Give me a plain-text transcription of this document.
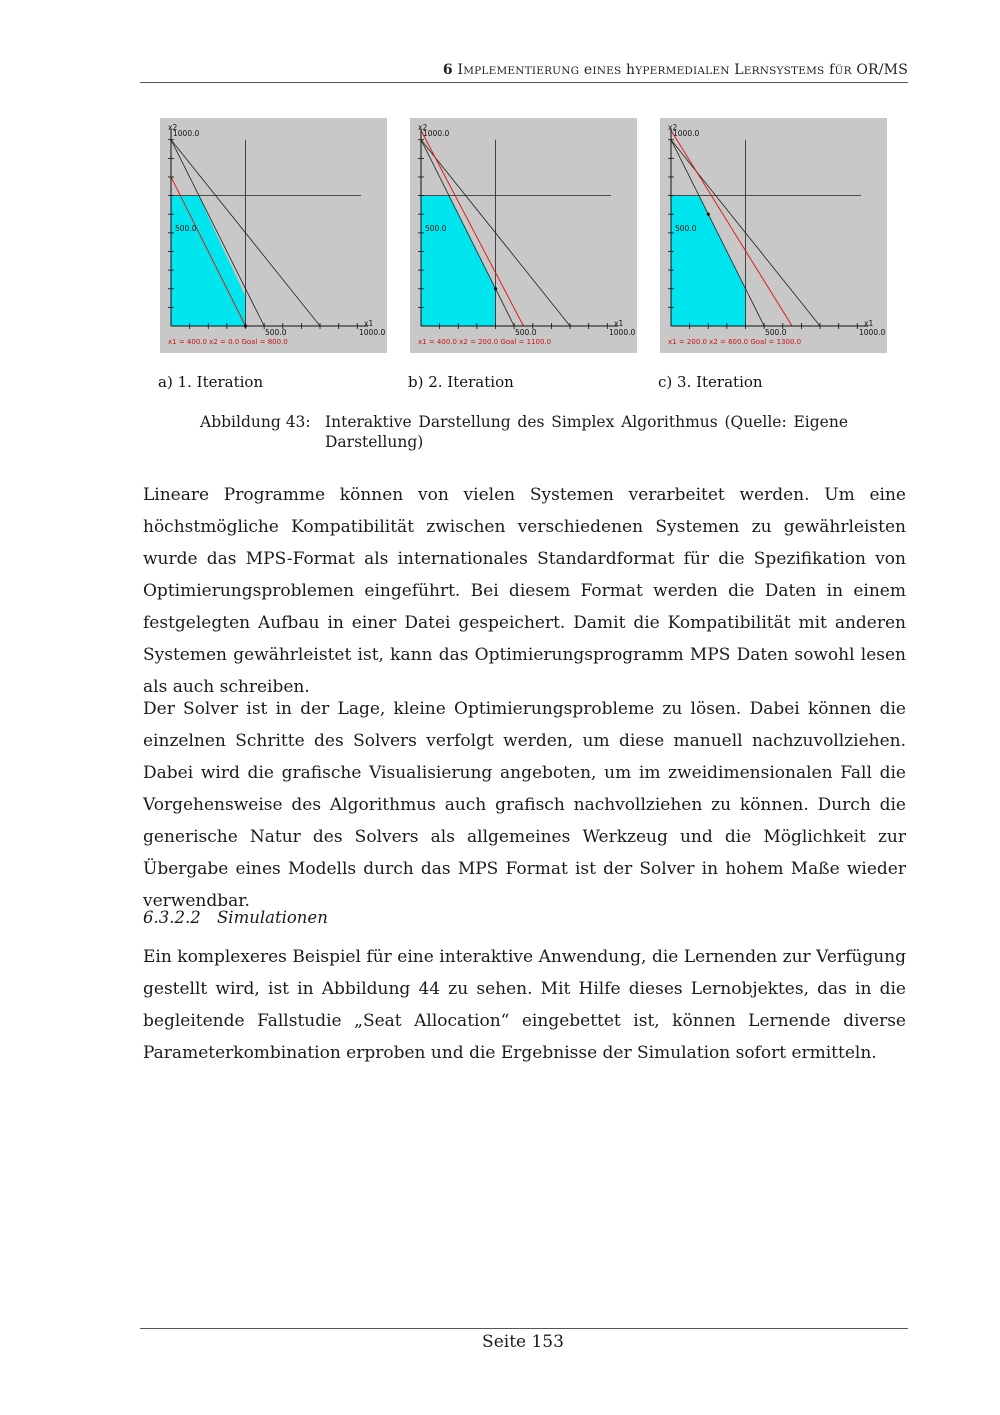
6 IMPLEMENTIERUNG eINES hYPERMEDIALEN LERNSYSTEMS fÜR OR/MS
x2
1000.0
500.0
500.0
x1
1000.0
x1 = 400.0 x2 = 0.0 Goal = 800.0
x2
1000.0
500.0
500.0
x1
1000.0
x1 = 400.0 x2 = 200.0 Goal = 1100.0
x2
1000.0
500.0
500.0
x1
1000.0
x1 = 200.0 x2 = 600.0 Goal = 1300.0
a) 1. Iteration	b) 2. Iteration	c) 3. Iteration
Abbildung 43: Interaktive Darstellung des Simplex Algorithmus (Quelle: Eigene Darstellung)

Lineare Programme können von vielen Systemen verarbeitet werden. Um eine höchstmögliche Kompatibilität zwischen verschiedenen Systemen zu gewährleisten wurde das MPS-Format als internationales Standardformat für die Spezifikation von Optimierungsproblemen eingeführt. Bei diesem Format werden die Daten in einem festgelegten Aufbau in einer Datei gespeichert. Damit die Kompatibilität mit anderen Systemen gewährleistet ist, kann das Optimierungsprogramm MPS Daten sowohl lesen als auch schreiben.

Der Solver ist in der Lage, kleine Optimierungsprobleme zu lösen. Dabei können die einzelnen Schritte des Solvers verfolgt werden, um diese manuell nachzuvollziehen. Dabei wird die grafische Visualisierung angeboten, um im zweidimensionalen Fall die Vorgehensweise des Algorithmus auch grafisch nachvollziehen zu können. Durch die generische Natur des Solvers als allgemeines Werkzeug und die Möglichkeit zur Übergabe eines Modells durch das MPS Format ist der Solver in hohem Maße wieder verwendbar.

6.3.2.2 Simulationen

Ein komplexeres Beispiel für eine interaktive Anwendung, die Lernenden zur Verfügung gestellt wird, ist in Abbildung 44 zu sehen. Mit Hilfe dieses Lernobjektes, das in die begleitende Fallstudie „Seat Allocation“ eingebettet ist, können Lernende diverse Parameterkombination erproben und die Ergebnisse der Simulation sofort ermitteln.

Seite 153
